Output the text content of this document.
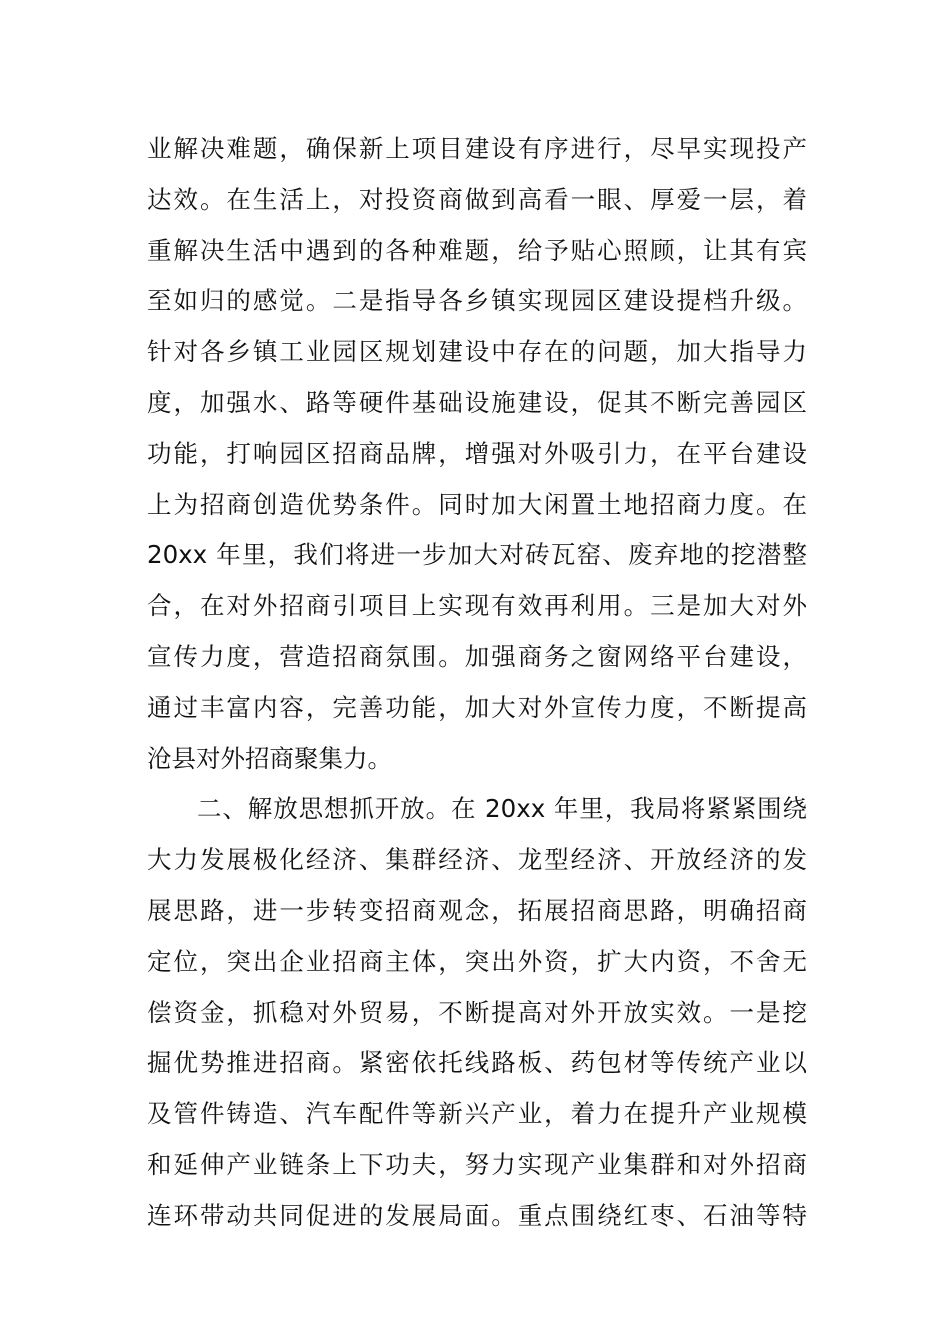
业解决难题，确保新上项目建设有序进行，尽早实现投产
达效。在生活上，对投资商做到高看一眼、厚爱一层，着
重解决生活中遇到的各种难题，给予贴心照顾，让其有宾
至如归的感觉。二是指导各乡镇实现园区建设提档升级。
针对各乡镇工业园区规划建设中存在的问题，加大指导力
度，加强水、路等硬件基础设施建设，促其不断完善园区
功能，打响园区招商品牌，增强对外吸引力，在平台建设
上为招商创造优势条件。同时加大闲置土地招商力度。在
20xx 年里，我们将进一步加大对砖瓦窑、废弃地的挖潜整
合，在对外招商引项目上实现有效再利用。三是加大对外
宣传力度，营造招商氛围。加强商务之窗网络平台建设，
通过丰富内容，完善功能，加大对外宣传力度，不断提高
沧县对外招商聚集力。
二、解放思想抓开放。在 20xx 年里，我局将紧紧围绕
大力发展极化经济、集群经济、龙型经济、开放经济的发
展思路，进一步转变招商观念，拓展招商思路，明确招商
定位，突出企业招商主体，突出外资，扩大内资，不舍无
偿资金，抓稳对外贸易，不断提高对外开放实效。一是挖
掘优势推进招商。紧密依托线路板、药包材等传统产业以
及管件铸造、汽车配件等新兴产业，着力在提升产业规模
和延伸产业链条上下功夫，努力实现产业集群和对外招商
连环带动共同促进的发展局面。重点围绕红枣、石油等特
